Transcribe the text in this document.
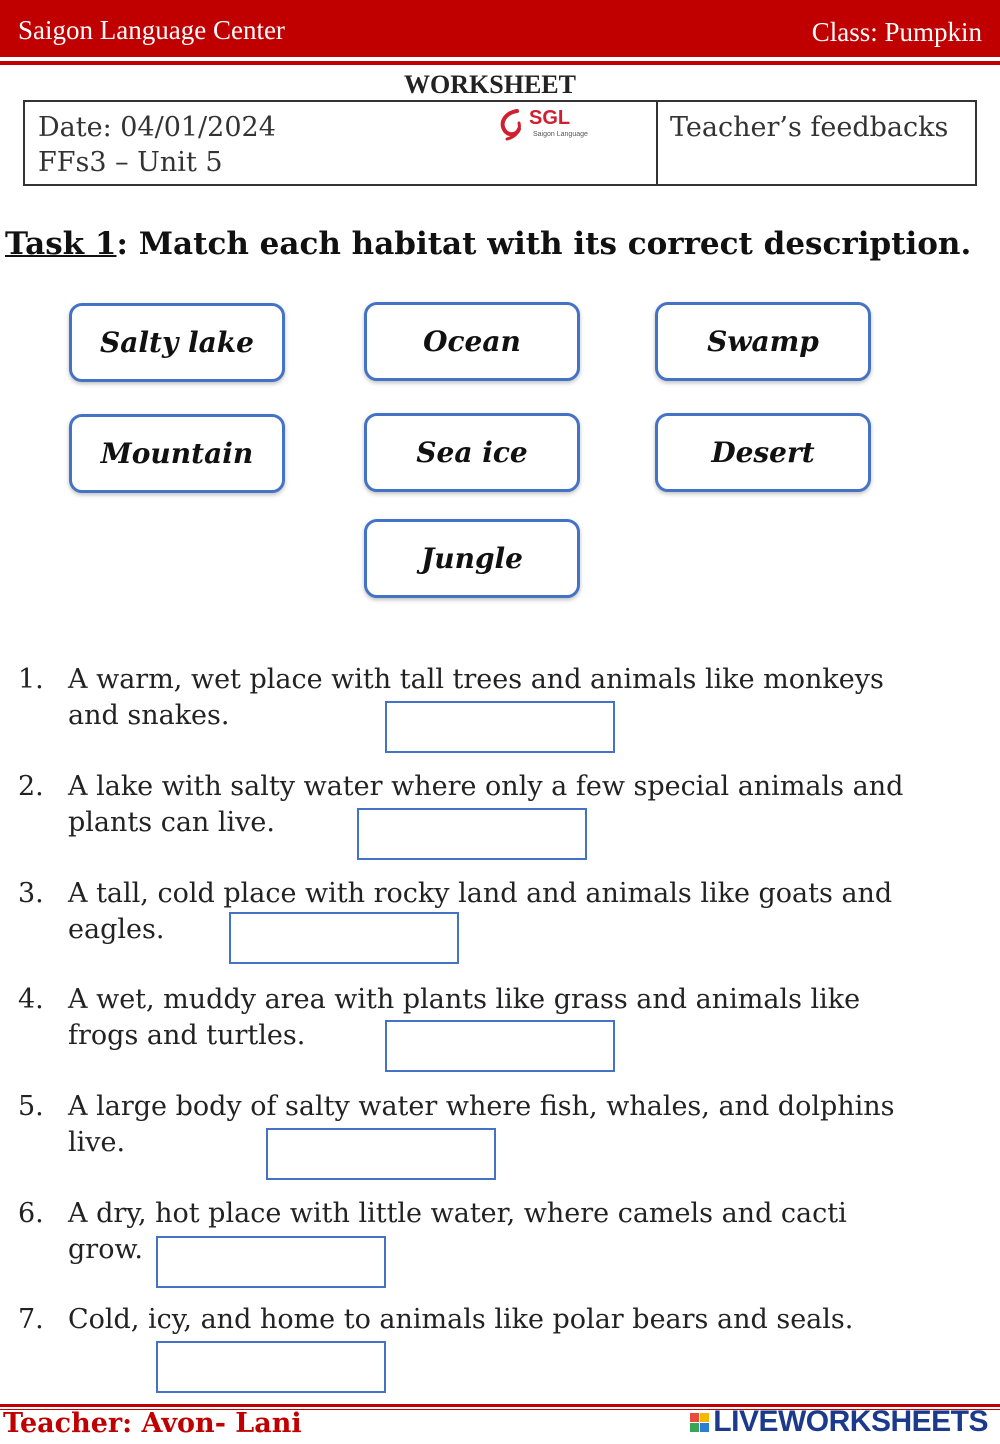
Saigon Language Center	Class: Pumpkin
WORKSHEET
Date: 04/01/2024
FFs3 – Unit 5
SGL
Saigon Language	Teacher’s feedbacks
Task 1: Match each habitat with its correct description.
Salty lake	Ocean	Swamp
Mountain	Sea ice	Desert
Jungle
1. A warm, wet place with tall trees and animals like monkeys and snakes.
2. A lake with salty water where only a few special animals and plants can live.
3. A tall, cold place with rocky land and animals like goats and eagles.
4. A wet, muddy area with plants like grass and animals like frogs and turtles.
5. A large body of salty water where fish, whales, and dolphins live.
6. A dry, hot place with little water, where camels and cacti grow.
7. Cold, icy, and home to animals like polar bears and seals.
Teacher: Avon- Lani	LIVEWORKSHEETS
